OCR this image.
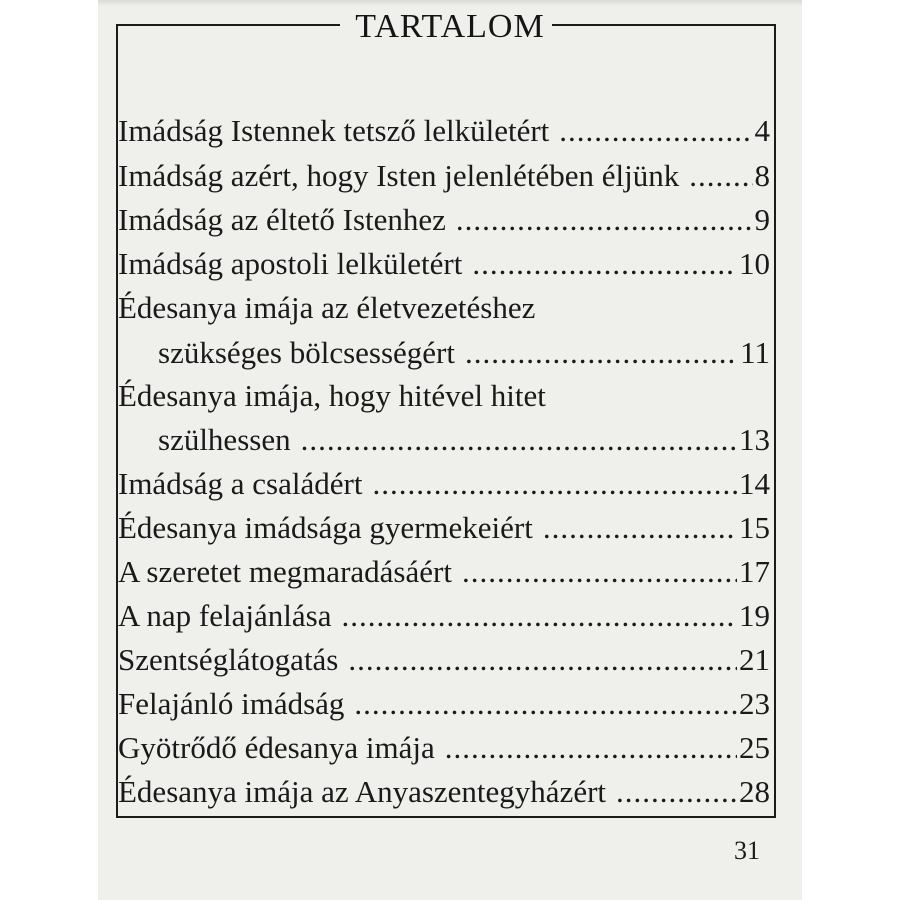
TARTALOM
Imádság Istennek tetsző lelkületért .....	4
Imádság azért, hogy Isten jelenlétében éljünk ..... 8
Imádság az éltető Istenhez .....	9
Imádság apostoli lelkületért .....	10
Édesanya imája az életvezetéshez
szükséges bölcsességért .....	11
Édesanya imája, hogy hitével hitet
szülhessen .....	13
Imádság a családért .....	14
Édesanya imádsága gyermekeiért .....	15
A szeretet megmaradásáért .....	17
A nap felajánlása .....	19
Szentséglátogatás .....	21
Felajánló imádság .....	23
Gyötrődő édesanya imája .....	25
Édesanya imája az Anyaszentegyházért .....	28
31
